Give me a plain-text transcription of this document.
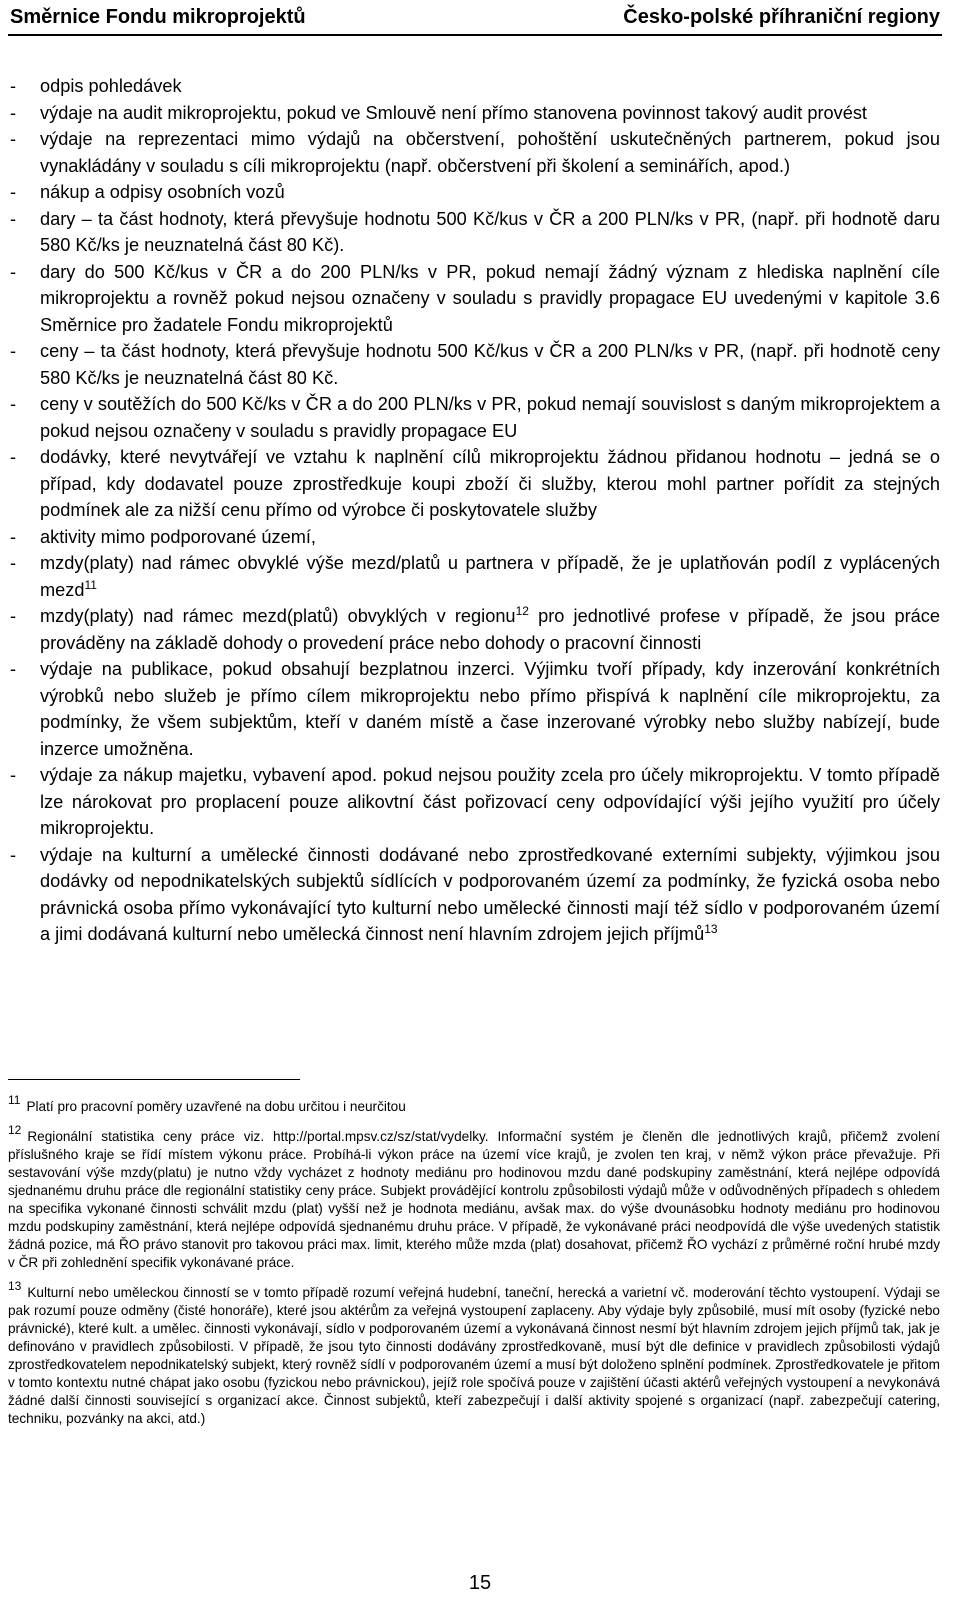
Směrnice Fondu mikroprojektů	Česko-polské příhraniční regiony
- odpis pohledávek
- výdaje na audit mikroprojektu, pokud ve Smlouvě není přímo stanovena povinnost takový audit provést
- výdaje na reprezentaci mimo výdajů na občerstvení, pohoštění uskutečněných partnerem, pokud jsou vynakládány v souladu s cíli mikroprojektu (např. občerstvení při školení a seminářích, apod.)
- nákup a odpisy osobních vozů
- dary – ta část hodnoty, která převyšuje hodnotu 500 Kč/kus v ČR a 200 PLN/ks v PR, (např. při hodnotě daru 580 Kč/ks je neuznatelná část 80 Kč).
- dary do 500 Kč/kus v ČR a do 200 PLN/ks v PR, pokud nemají žádný význam z hlediska naplnění cíle mikroprojektu a rovněž pokud nejsou označeny v souladu s pravidly propagace EU uvedenými v kapitole 3.6 Směrnice pro žadatele Fondu mikroprojektů
- ceny – ta část hodnoty, která převyšuje hodnotu 500 Kč/kus v ČR a 200 PLN/ks v PR, (např. při hodnotě ceny 580 Kč/ks je neuznatelná část 80 Kč.
- ceny v soutěžích do 500 Kč/ks v ČR a do 200 PLN/ks v PR, pokud nemají souvislost s daným mikroprojektem a pokud nejsou označeny v souladu s pravidly propagace EU
- dodávky, které nevytvářejí ve vztahu k naplnění cílů mikroprojektu žádnou přidanou hodnotu – jedná se o případ, kdy dodavatel pouze zprostředkuje koupi zboží či služby, kterou mohl partner pořídit za stejných podmínek ale za nižší cenu přímo od výrobce či poskytovatele služby
- aktivity mimo podporované území,
- mzdy(platy) nad rámec obvyklé výše mezd/platů u partnera v případě, že je uplatňován podíl z vyplácených mezd$^{11}$
- mzdy(platy) nad rámec mezd(platů) obvyklých v regionu$^{12}$ pro jednotlivé profese v případě, že jsou práce prováděny na základě dohody o provedení práce nebo dohody o pracovní činnosti
- výdaje na publikace, pokud obsahují bezplatnou inzerci. Výjimku tvoří případy, kdy inzerování konkrétních výrobků nebo služeb je přímo cílem mikroprojektu nebo přímo přispívá k naplnění cíle mikroprojektu, za podmínky, že všem subjektům, kteří v daném místě a čase inzerované výrobky nebo služby nabízejí, bude inzerce umožněna.
- výdaje za nákup majetku, vybavení apod. pokud nejsou použity zcela pro účely mikroprojektu. V tomto případě lze nárokovat pro proplacení pouze alikovtní část pořizovací ceny odpovídající výši jejího využití pro účely mikroprojektu.
- výdaje na kulturní a umělecké činnosti dodávané nebo zprostředkované externími subjekty, výjimkou jsou dodávky od nepodnikatelských subjektů sídlících v podporovaném území za podmínky, že fyzická osoba nebo právnická osoba přímo vykonávající tyto kulturní nebo umělecké činnosti mají též sídlo v podporovaném území a jimi dodávaná kulturní nebo umělecká činnost není hlavním zdrojem jejich příjmů$^{13}$

$^{11}$ Platí pro pracovní poměry uzavřené na dobu určitou i neurčitou

$^{12}$ Regionální statistika ceny práce viz. http://portal.mpsv.cz/sz/stat/vydelky. Informační systém je členěn dle jednotlivých krajů, přičemž zvolení příslušného kraje se řídí místem výkonu práce. Probíhá-li výkon práce na území více krajů, je zvolen ten kraj, v němž výkon práce převažuje. Při sestavování výše mzdy(platu) je nutno vždy vycházet z hodnoty mediánu pro hodinovou mzdu dané podskupiny zaměstnání, která nejlépe odpovídá sjednanému druhu práce dle regionální statistiky ceny práce. Subjekt provádějící kontrolu způsobilosti výdajů může v odůvodněných případech s ohledem na specifika vykonané činnosti schválit mzdu (plat) vyšší než je hodnota mediánu, avšak max. do výše dvounásobku hodnoty mediánu pro hodinovou mzdu podskupiny zaměstnání, která nejlépe odpovídá sjednanému druhu práce. V případě, že vykonávané práci neodpovídá dle výše uvedených statistik žádná pozice, má ŘO právo stanovit pro takovou práci max. limit, kterého může mzda (plat) dosahovat, přičemž ŘO vychází z průměrné roční hrubé mzdy v ČR při zohlednění specifik vykonávané práce.

$^{13}$ Kulturní nebo uměleckou činností se v tomto případě rozumí veřejná hudební, taneční, herecká a varietní vč. moderování těchto vystoupení. Výdaji se pak rozumí pouze odměny (čisté honoráře), které jsou aktérům za veřejná vystoupení zaplaceny. Aby výdaje byly způsobilé, musí mít osoby (fyzické nebo právnické), které kult. a umělec. činnosti vykonávají, sídlo v podporovaném území a vykonávaná činnost nesmí být hlavním zdrojem jejich příjmů tak, jak je definováno v pravidlech způsobilosti. V případě, že jsou tyto činnosti dodávány zprostředkovaně, musí být dle definice v pravidlech způsobilosti výdajů zprostředkovatelem nepodnikatelský subjekt, který rovněž sídlí v podporovaném území a musí být doloženo splnění podmínek. Zprostředkovatele je přitom v tomto kontextu nutné chápat jako osobu (fyzickou nebo právnickou), jejíž role spočívá pouze v zajištění účasti aktérů veřejných vystoupení a nevykonává žádné další činnosti související s organizací akce. Činnost subjektů, kteří zabezpečují i další aktivity spojené s organizací (např. zabezpečují catering, techniku, pozvánky na akci, atd.)

15
